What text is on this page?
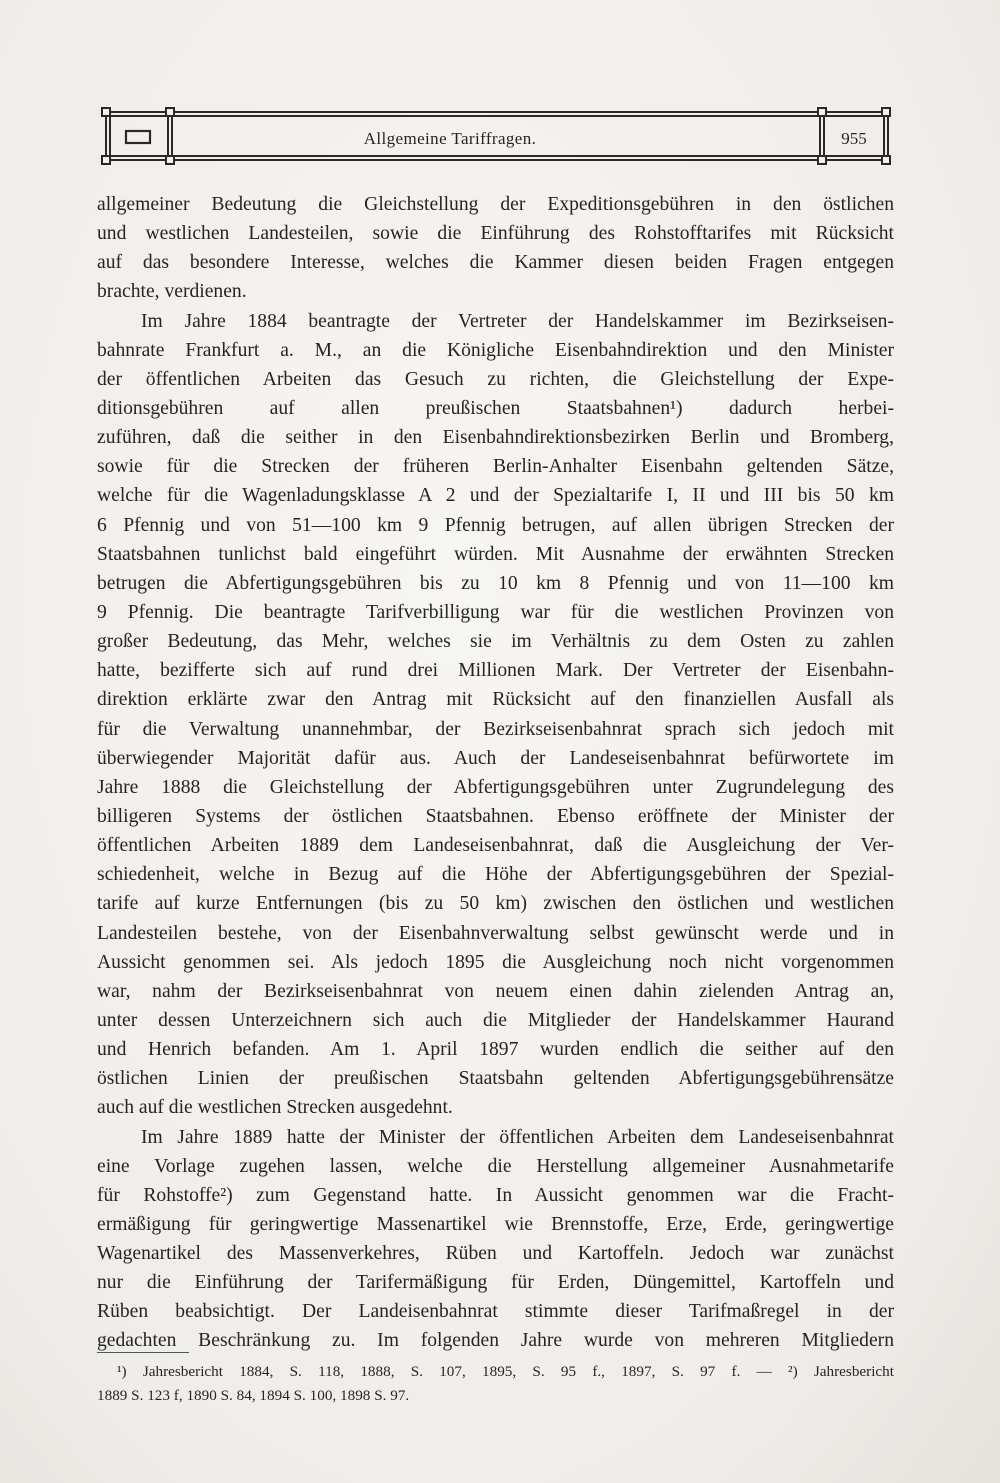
Allgemeine Tariffragen.	955
allgemeiner Bedeutung die Gleichstellung der Expeditionsgebühren in den östlichen
und westlichen Landesteilen, sowie die Einführung des Rohstofftarifes mit Rücksicht
auf das besondere Interesse, welches die Kammer diesen beiden Fragen entgegen
brachte, verdienen.
Im Jahre 1884 beantragte der Vertreter der Handelskammer im Bezirkseisen-
bahnrate Frankfurt a. M., an die Königliche Eisenbahndirektion und den Minister
der öffentlichen Arbeiten das Gesuch zu richten, die Gleichstellung der Expe-
ditionsgebühren auf allen preußischen Staatsbahnen¹) dadurch herbei-
zuführen, daß die seither in den Eisenbahndirektionsbezirken Berlin und Bromberg,
sowie für die Strecken der früheren Berlin-Anhalter Eisenbahn geltenden Sätze,
welche für die Wagenladungsklasse A 2 und der Spezialtarife I, II und III bis 50 km
6 Pfennig und von 51—100 km 9 Pfennig betrugen, auf allen übrigen Strecken der
Staatsbahnen tunlichst bald eingeführt würden. Mit Ausnahme der erwähnten Strecken
betrugen die Abfertigungsgebühren bis zu 10 km 8 Pfennig und von 11—100 km
9 Pfennig. Die beantragte Tarifverbilligung war für die westlichen Provinzen von
großer Bedeutung, das Mehr, welches sie im Verhältnis zu dem Osten zu zahlen
hatte, bezifferte sich auf rund drei Millionen Mark. Der Vertreter der Eisenbahn-
direktion erklärte zwar den Antrag mit Rücksicht auf den finanziellen Ausfall als
für die Verwaltung unannehmbar, der Bezirkseisenbahnrat sprach sich jedoch mit
überwiegender Majorität dafür aus. Auch der Landeseisenbahnrat befürwortete im
Jahre 1888 die Gleichstellung der Abfertigungsgebühren unter Zugrundelegung des
billigeren Systems der östlichen Staatsbahnen. Ebenso eröffnete der Minister der
öffentlichen Arbeiten 1889 dem Landeseisenbahnrat, daß die Ausgleichung der Ver-
schiedenheit, welche in Bezug auf die Höhe der Abfertigungsgebühren der Spezial-
tarife auf kurze Entfernungen (bis zu 50 km) zwischen den östlichen und westlichen
Landesteilen bestehe, von der Eisenbahnverwaltung selbst gewünscht werde und in
Aussicht genommen sei. Als jedoch 1895 die Ausgleichung noch nicht vorgenommen
war, nahm der Bezirkseisenbahnrat von neuem einen dahin zielenden Antrag an,
unter dessen Unterzeichnern sich auch die Mitglieder der Handelskammer Haurand
und Henrich befanden. Am 1. April 1897 wurden endlich die seither auf den
östlichen Linien der preußischen Staatsbahn geltenden Abfertigungsgebührensätze
auch auf die westlichen Strecken ausgedehnt.
Im Jahre 1889 hatte der Minister der öffentlichen Arbeiten dem Landeseisenbahnrat
eine Vorlage zugehen lassen, welche die Herstellung allgemeiner Ausnahmetarife
für Rohstoffe²) zum Gegenstand hatte. In Aussicht genommen war die Fracht-
ermäßigung für geringwertige Massenartikel wie Brennstoffe, Erze, Erde, geringwertige
Wagenartikel des Massenverkehres, Rüben und Kartoffeln. Jedoch war zunächst
nur die Einführung der Tarifermäßigung für Erden, Düngemittel, Kartoffeln und
Rüben beabsichtigt. Der Landeisenbahnrat stimmte dieser Tarifmaßregel in der
gedachten Beschränkung zu. Im folgenden Jahre wurde von mehreren Mitgliedern
¹) Jahresbericht 1884, S. 118, 1888, S. 107, 1895, S. 95 f., 1897, S. 97 f. — ²) Jahresbericht
1889 S. 123 f, 1890 S. 84, 1894 S. 100, 1898 S. 97.
